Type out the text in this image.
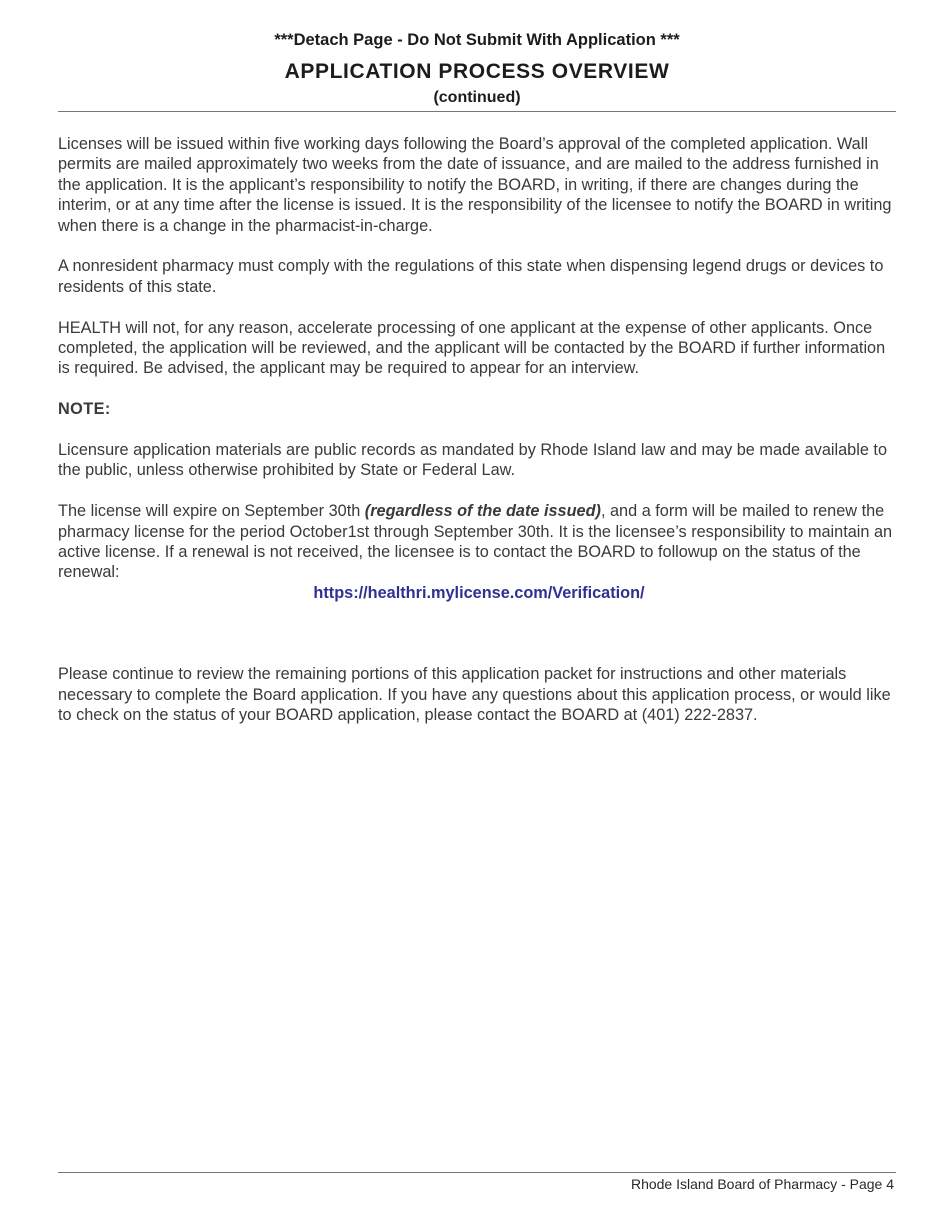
***Detach Page - Do Not Submit With Application ***
APPLICATION PROCESS OVERVIEW
(continued)

Licenses will be issued within five working days following the Board’s approval of the completed application. Wall permits are mailed approximately two weeks from the date of issuance, and are mailed to the address furnished in the application. It is the applicant’s responsibility to notify the BOARD, in writing, if there are changes during the interim, or at any time after the license is issued. It is the responsibility of the licensee to notify the BOARD in writing when there is a change in the pharmacist-in-charge.

A nonresident pharmacy must comply with the regulations of this state when dispensing legend drugs or devices to residents of this state.

HEALTH will not, for any reason, accelerate processing of one applicant at the expense of other applicants. Once completed, the application will be reviewed, and the applicant will be contacted by the BOARD if further information is required. Be advised, the applicant may be required to appear for an interview.

NOTE:

Licensure application materials are public records as mandated by Rhode Island law and may be made available to the public, unless otherwise prohibited by State or Federal Law.

The license will expire on September 30th (regardless of the date issued), and a form will be mailed to renew the pharmacy license for the period October1st through September 30th. It is the licensee’s responsibility to maintain an active license. If a renewal is not received, the licensee is to contact the BOARD to followup on the status of the renewal:

https://healthri.mylicense.com/Verification/

Please continue to review the remaining portions of this application packet for instructions and other materials necessary to complete the Board application. If you have any questions about this application process, or would like to check on the status of your BOARD application, please contact the BOARD at (401) 222-2837.

Rhode Island Board of Pharmacy - Page 4
